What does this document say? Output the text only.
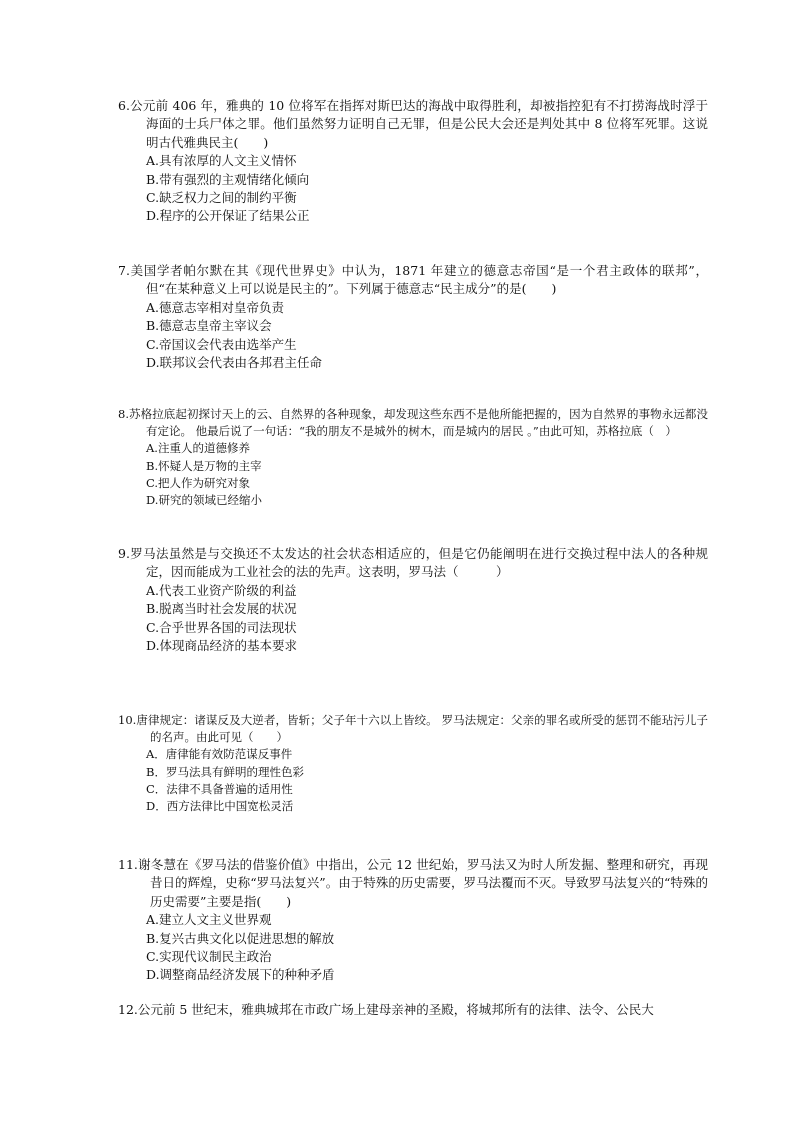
6.公元前 406 年，雅典的 10 位将军在指挥对斯巴达的海战中取得胜利，却被指控犯有不打捞海战时浮于海面的士兵尸体之罪。他们虽然努力证明自己无罪，但是公民大会还是判处其中 8 位将军死罪。这说明古代雅典民主(　　)

A.具有浓厚的人文主义情怀
B.带有强烈的主观情绪化倾向
C.缺乏权力之间的制约平衡
D.程序的公开保证了结果公正

7.美国学者帕尔默在其《现代世界史》中认为，1871 年建立的德意志帝国“是一个君主政体的联邦”，但“在某种意义上可以说是民主的”。下列属于德意志“民主成分”的是(　　)

A.德意志宰相对皇帝负责
B.德意志皇帝主宰议会
C.帝国议会代表由选举产生
D.联邦议会代表由各邦君主任命

8.苏格拉底起初探讨天上的云、自然界的各种现象，却发现这些东西不是他所能把握的，因为自然界的事物永远都没有定论。 他最后说了一句话：“我的朋友不是城外的树木，而是城内的居民 。”由此可知，苏格拉底（　）

A.注重人的道德修养
B.怀疑人是万物的主宰
C.把人作为研究对象
D.研究的领域已经缩小

9.罗马法虽然是与交换还不太发达的社会状态相适应的，但是它仍能阐明在进行交换过程中法人的各种规定，因而能成为工业社会的法的先声。这表明，罗马法（　　　）

A.代表工业资产阶级的利益
B.脱离当时社会发展的状况
C.合乎世界各国的司法现状
D.体现商品经济的基本要求

10.唐律规定：诸谋反及大逆者，皆斩；父子年十六以上皆绞。 罗马法规定：父亲的罪名或所受的惩罚不能玷污儿子的名声。由此可见（　　）

A．唐律能有效防范谋反事件
B．罗马法具有鲜明的理性色彩
C．法律不具备普遍的适用性
D．西方法律比中国宽松灵活

11.谢冬慧在《罗马法的借鉴价值》中指出，公元 12 世纪始，罗马法又为时人所发掘、整理和研究，再现昔日的辉煌，史称“罗马法复兴”。由于特殊的历史需要，罗马法覆而不灭。导致罗马法复兴的“特殊的历史需要”主要是指(　　)

A.建立人文主义世界观
B.复兴古典文化以促进思想的解放
C.实现代议制民主政治
D.调整商品经济发展下的种种矛盾

12.公元前 5 世纪末，雅典城邦在市政广场上建母亲神的圣殿，将城邦所有的法律、法令、公民大
